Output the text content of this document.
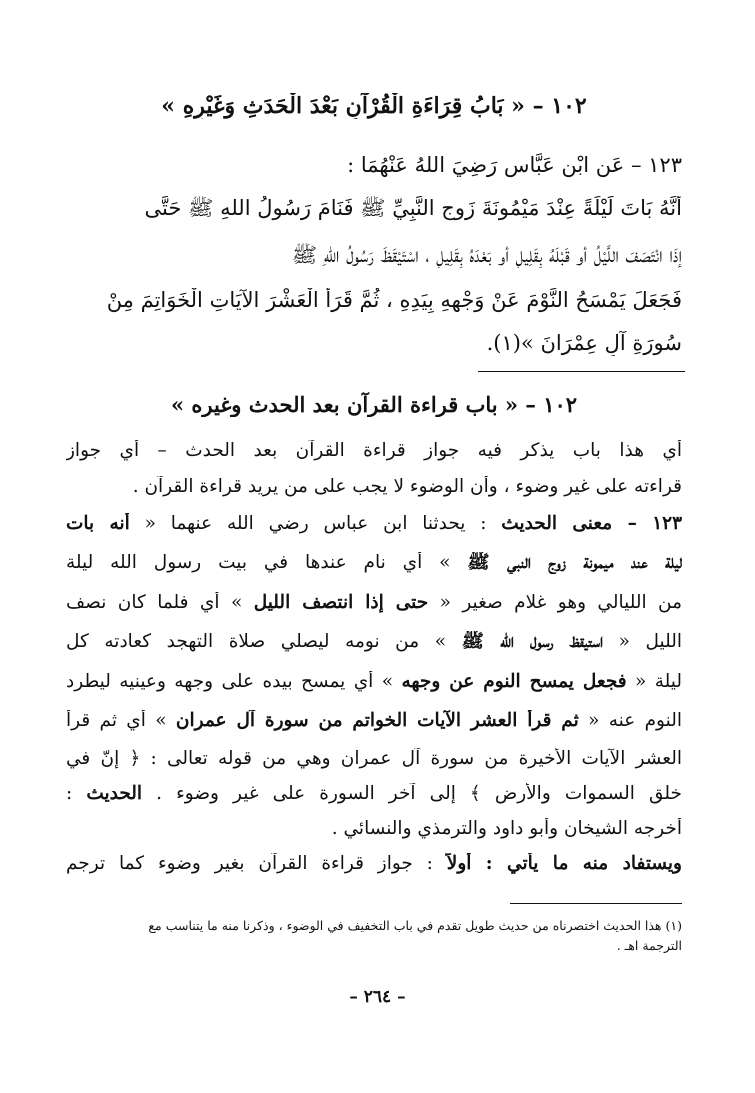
١٠٢ – « بَابُ قِرَاءَةِ الْقُرْآنِ بَعْدَ الْحَدَثِ وَغَيْرِهِ »
١٢٣ – عَنِ ابْنِ عَبَّاسٍ رَضِيَ اللهُ عَنْهُمَا :
أَنَّهُ بَاتَ لَيْلَةً عِنْدَ مَيْمُونَةَ زَوجِ النَّبِيِّ ﷺ فَنَامَ رَسُولُ اللهِ ﷺ حَتَّى
إِذَا انْتَصَفَ اللَّيْلُ أو قَبْلَهُ بِقَلِيلٍ أو بَعْدَهُ بِقَلِيلٍ ، اسْتَيْقَظَ رَسُولُ اللهِ ﷺ
فَجَعَلَ يَمْسَحُ النَّوْمَ عَنْ وَجْهِهِ بِيَدِهِ ، ثُمَّ قَرَأَ الْعَشْرَ الآيَاتِ الْخَوَاتِمَ مِنْ
سُورَةِ آلِ عِمْرَانَ »(١).
١٠٢ – « باب قراءة القرآن بعد الحدث وغيره »
أي هذا باب يذكر فيه جواز قراءة القرآن بعد الحدث – أي جواز
قراءته على غير وضوء ، وأن الوضوء لا يجب على من يريد قراءة القرآن .
١٢٣ – معنى الحديث : يحدثنا ابن عباس رضي الله عنهما « أنه بات
ليلة عند ميمونة زوج النبي ﷺ » أي نام عندها في بيت رسول الله ليلة
من الليالي وهو غلام صغير « حتى إذا انتصف الليل » أي فلما كان نصف
الليل « استيقظ رسول الله ﷺ » من نومه ليصلي صلاة التهجد كعادته كل
ليلة « فجعل يمسح النوم عن وجهه » أي يمسح بيده على وجهه وعينيه ليطرد
النوم عنه « ثم قرأ العشر الآيات الخواتم من سورة آل عمران » أي ثم قرأ
العشر الآيات الأخيرة من سورة آل عمران وهي من قوله تعالى : ﴿ إنّ في
خلق السموات والأرض ﴾ إلى آخر السورة على غير وضوء . الحديث :
أخرجه الشيخان وأبو داود والترمذي والنسائي .
ويستفاد منه ما يأتي : أولاً : جواز قراءة القرآن بغير وضوء كما ترجم
(١) هذا الحديث اختصرناه من حديث طويل تقدم في باب التخفيف في الوضوء ، وذكرنا منه ما يتناسب مع
الترجمة اهـ .
– ٢٦٤ –
